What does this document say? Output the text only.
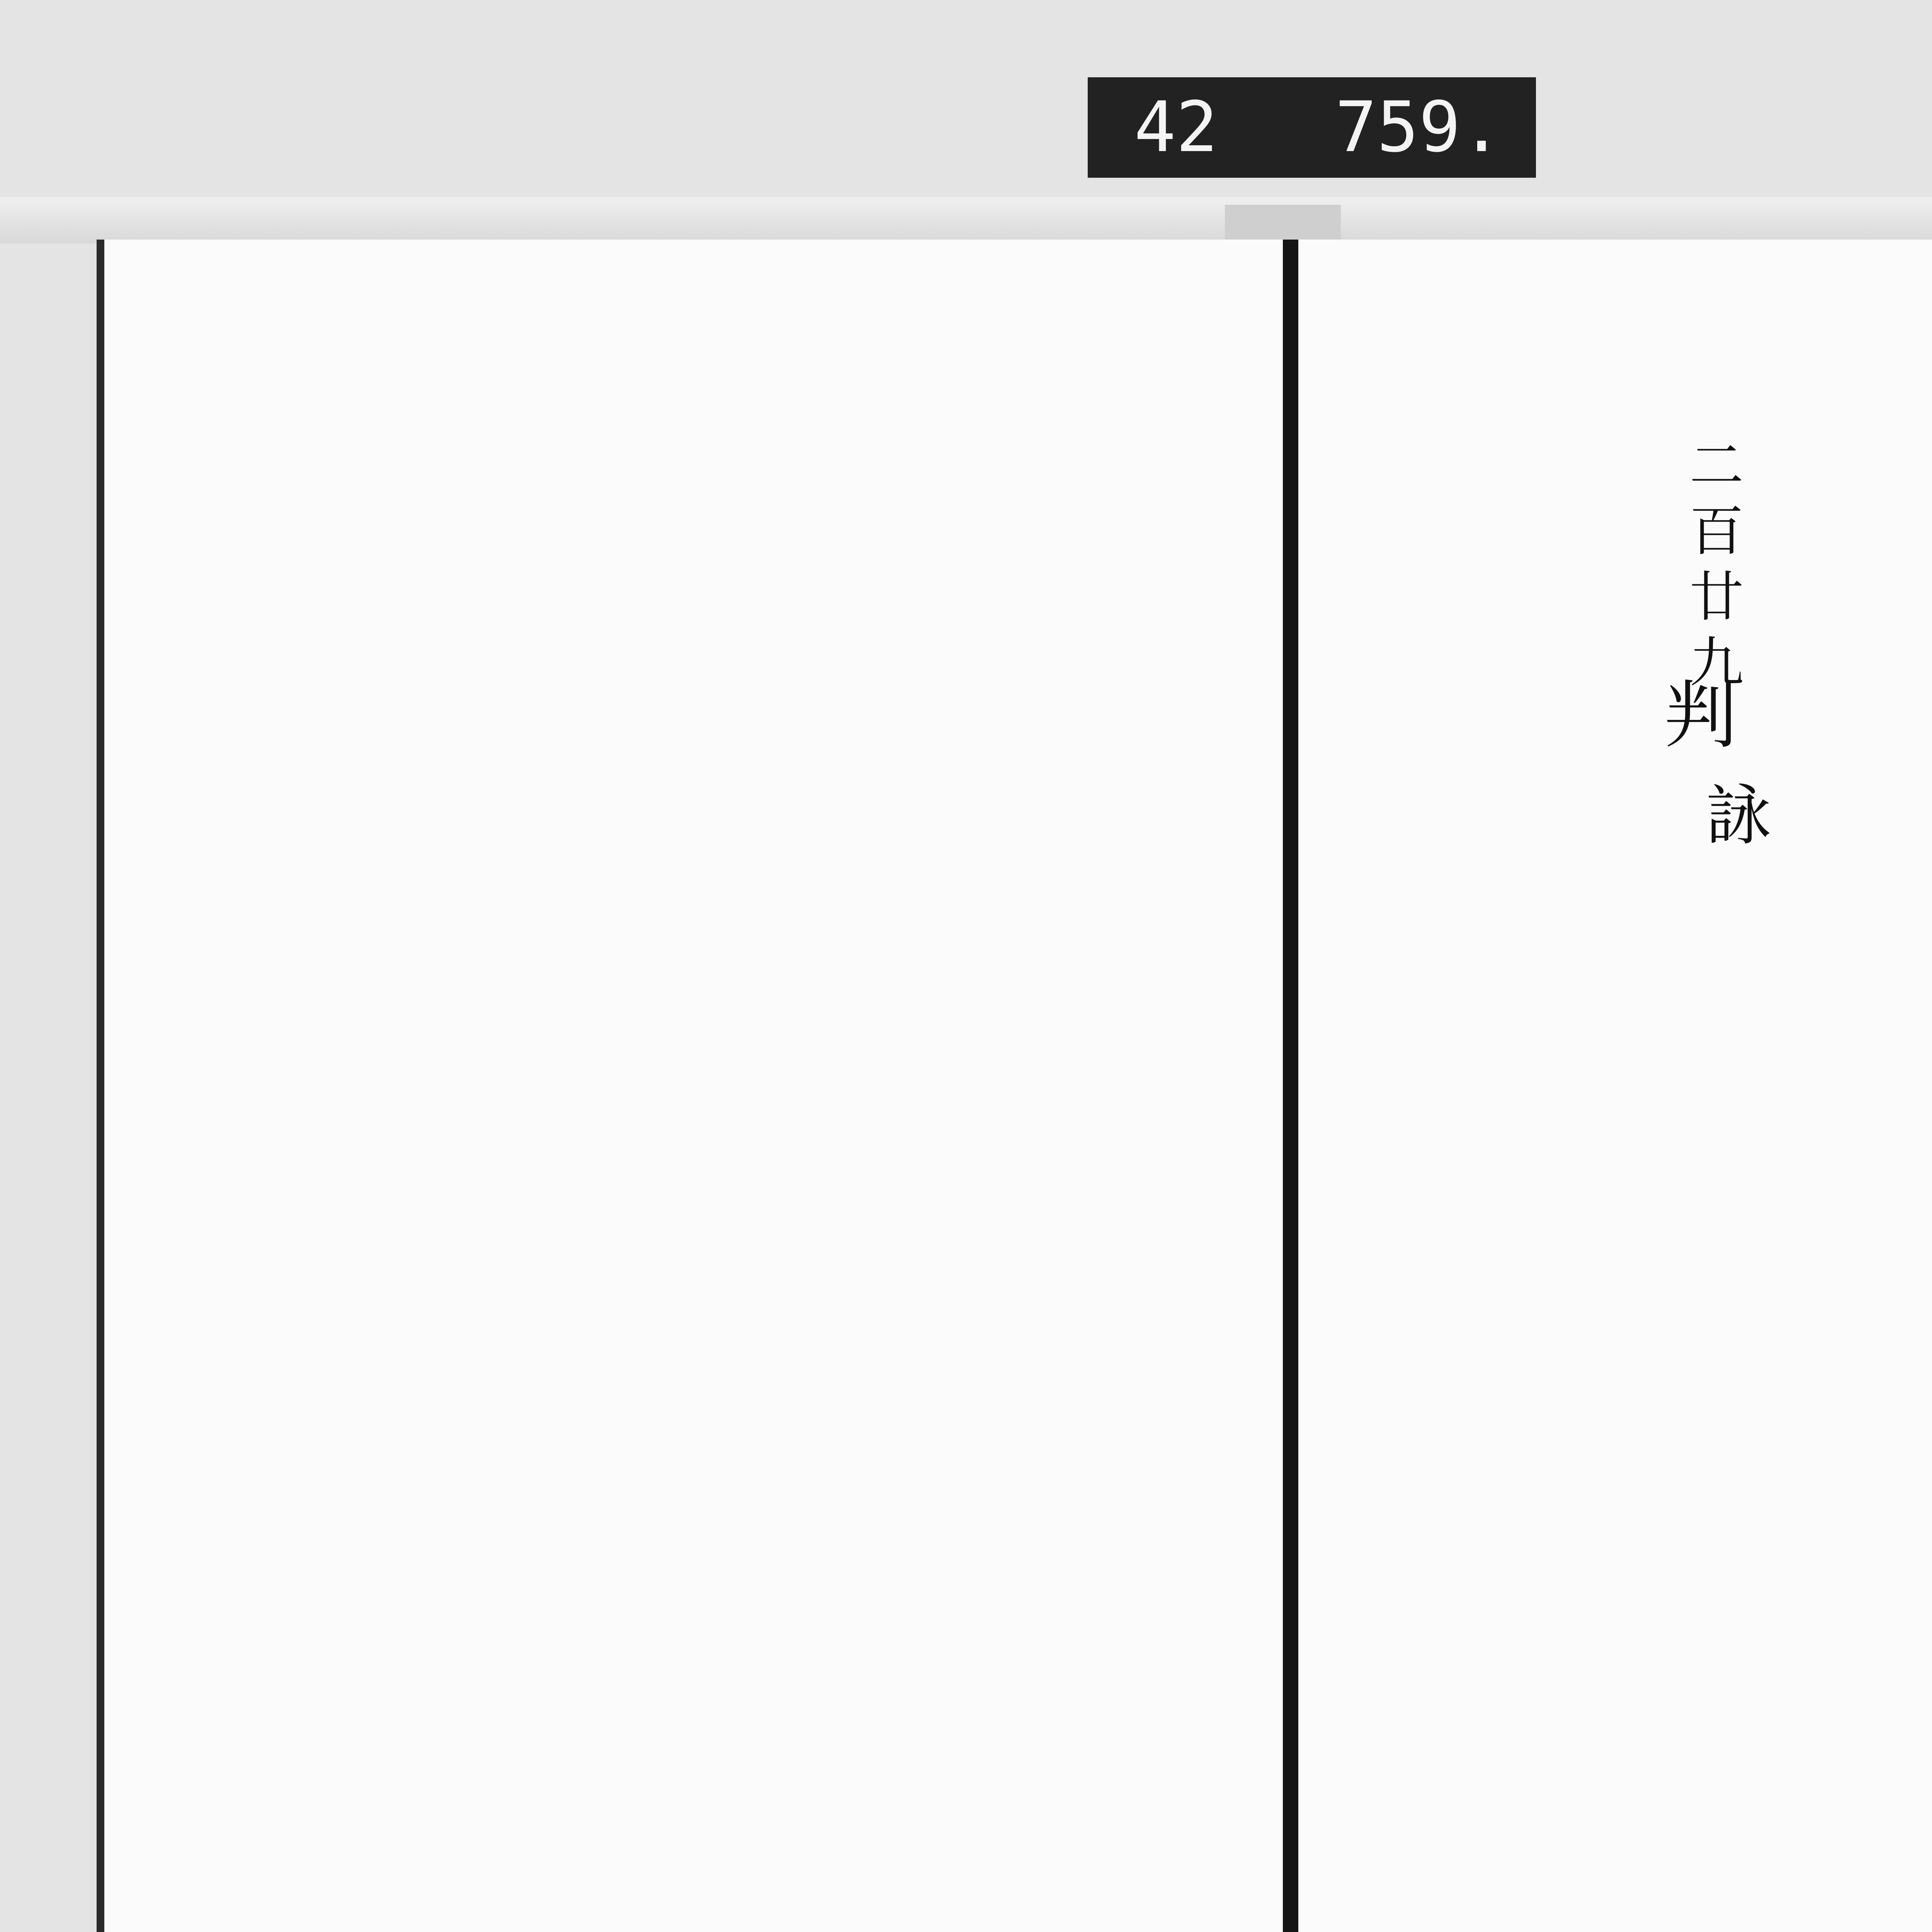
42 759.

二百廿九
判
詠
